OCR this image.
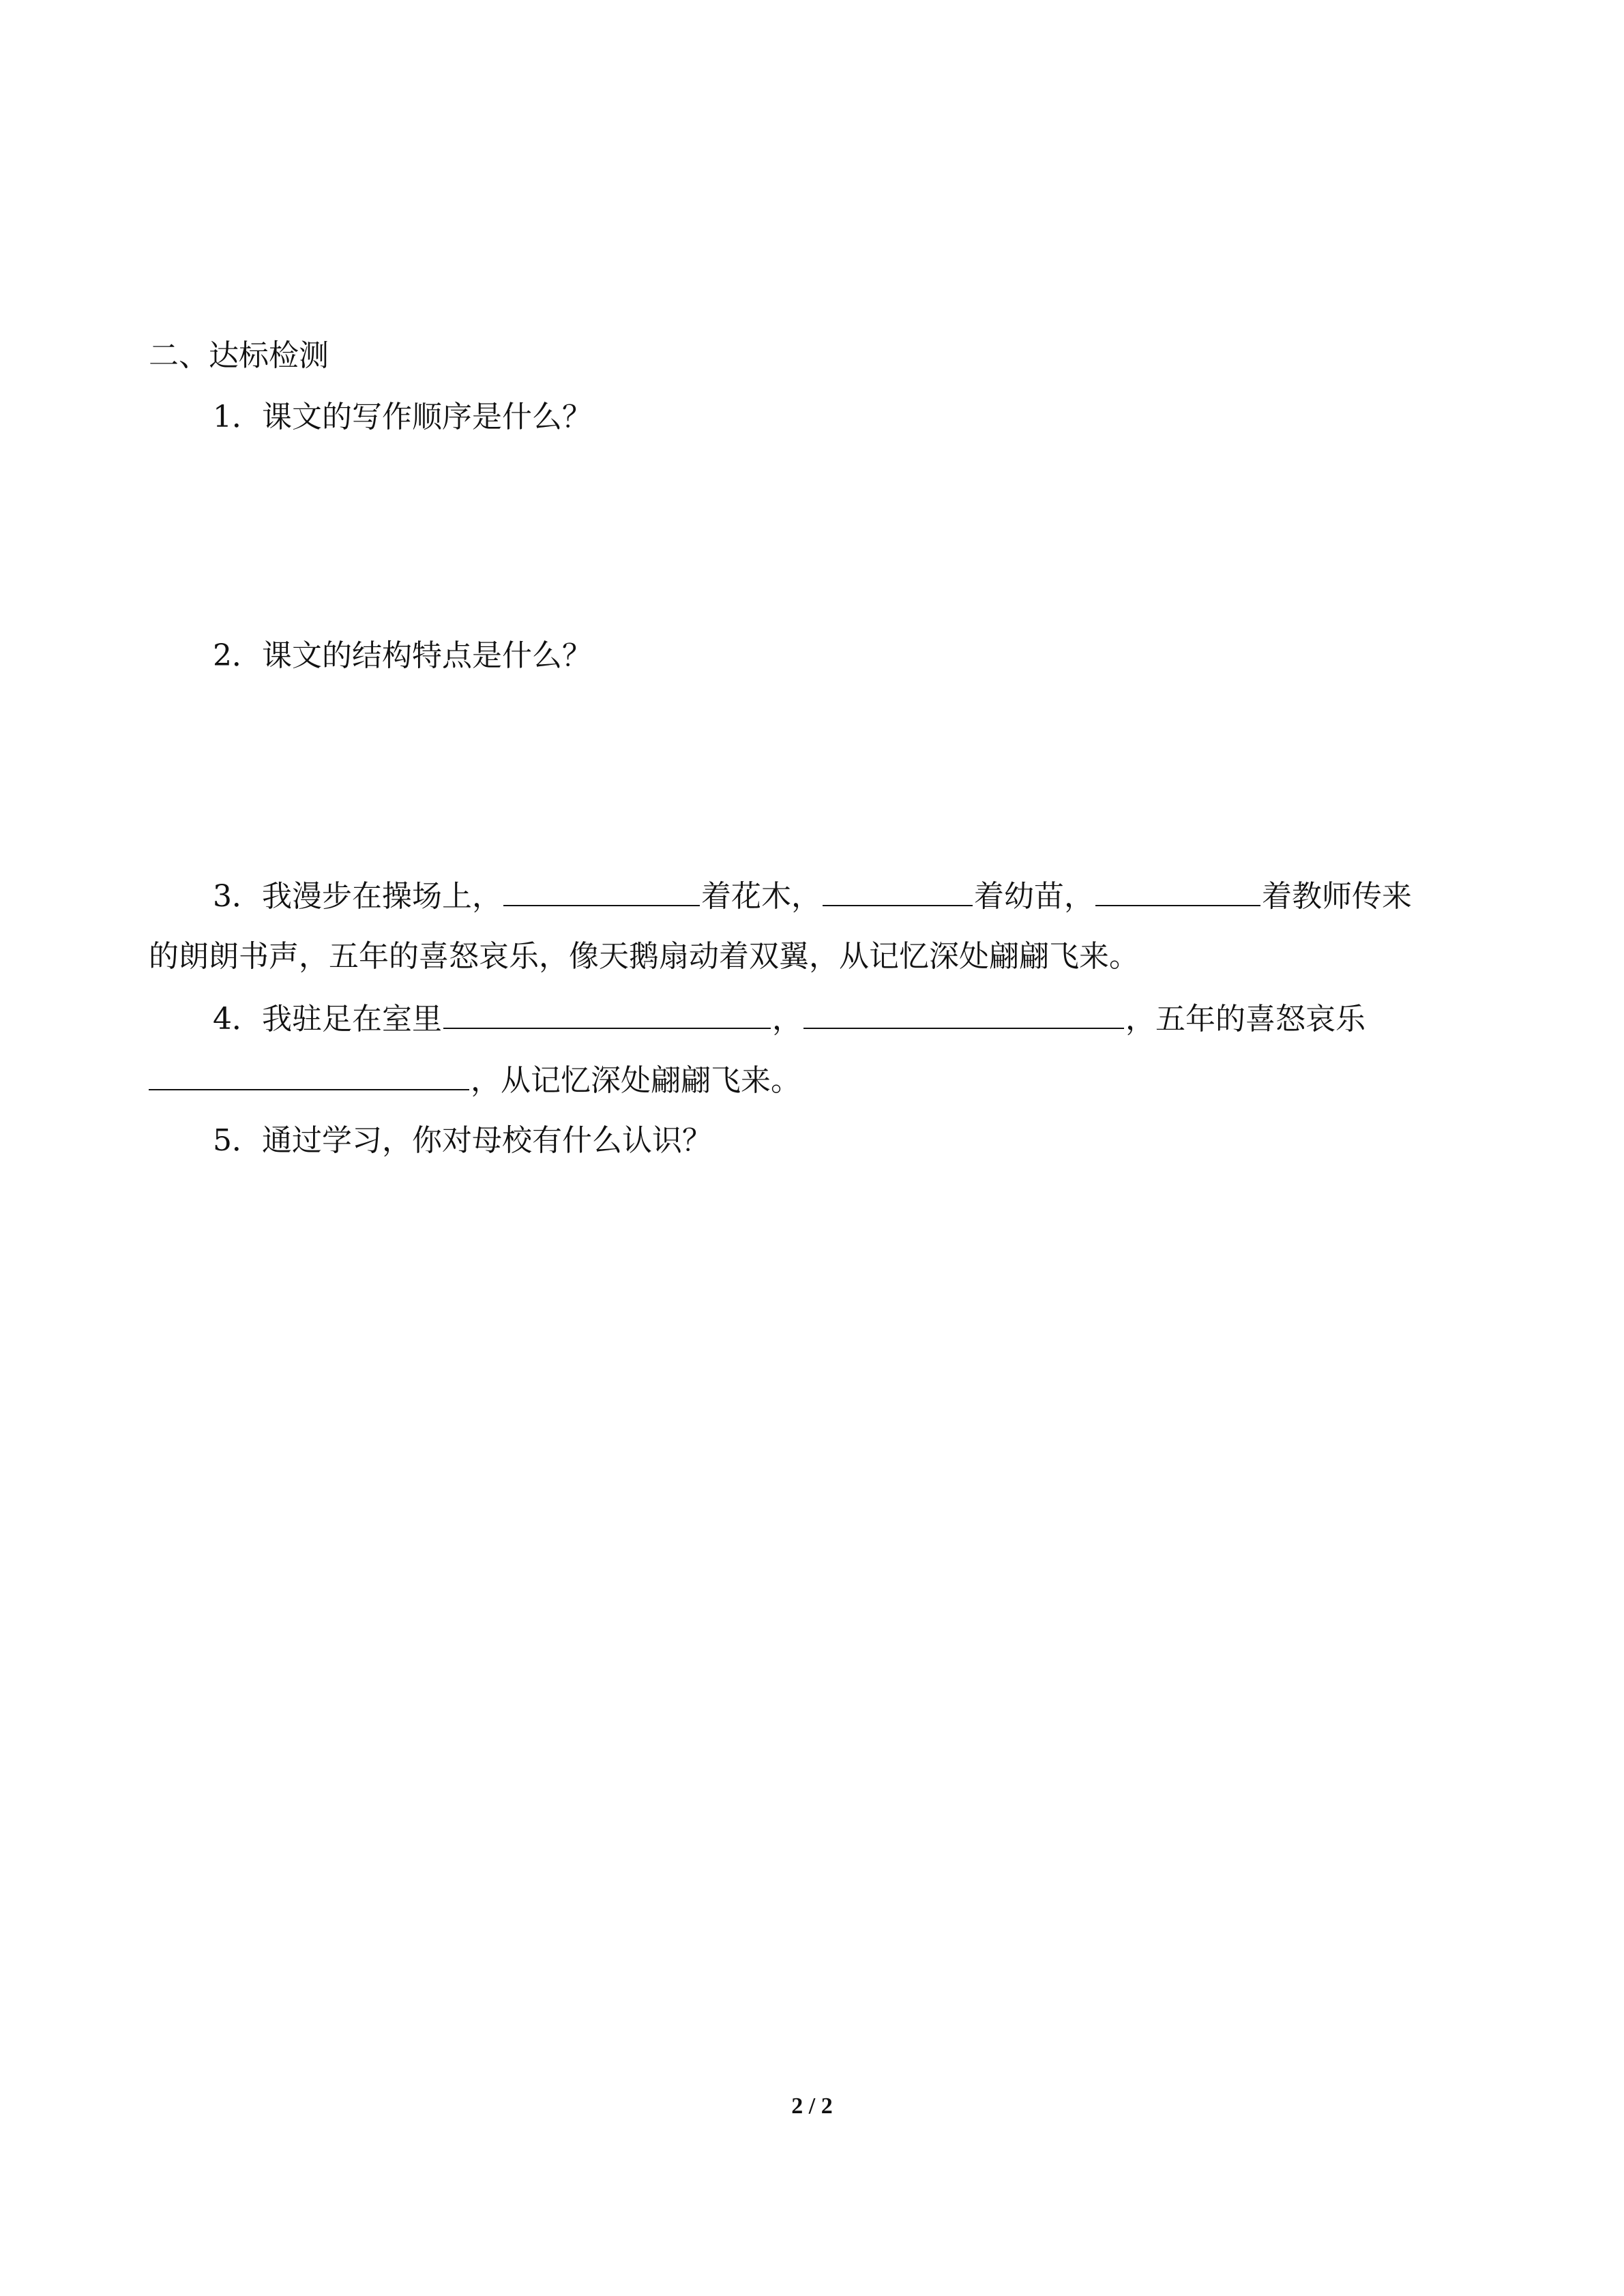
二、达标检测
1．课文的写作顺序是什么？
2．课文的结构特点是什么？
3．我漫步在操场上，	着花木，	着幼苗，	着教师传来
的朗朗书声，五年的喜怒哀乐，像天鹅扇动着双翼，从记忆深处翩翩飞来。
4．我驻足在室里	，	，五年的喜怒哀乐
，从记忆深处翩翩飞来。
5．通过学习，你对母校有什么认识？
2 / 2
